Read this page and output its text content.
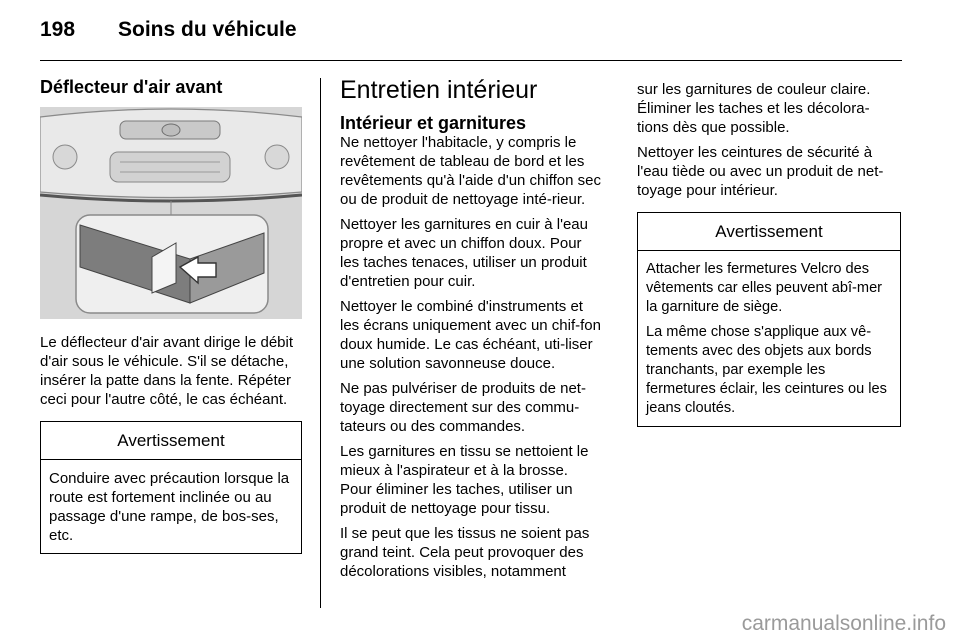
198 Soins du véhicule
Déflecteur d'air avant

Le déflecteur d'air avant dirige le débit d'air sous le véhicule. S'il se détache, insérer la patte dans la fente. Répéter ceci pour l'autre côté, le cas échéant.

Avertissement

Conduire avec précaution lorsque la route est fortement inclinée ou au passage d'une rampe, de bos-ses, etc.

Entretien intérieur
Intérieur et garnitures

Ne nettoyer l'habitacle, y compris le revêtement de tableau de bord et les revêtements qu'à l'aide d'un chiffon sec ou de produit de nettoyage inté-rieur.

Nettoyer les garnitures en cuir à l'eau propre et avec un chiffon doux. Pour les taches tenaces, utiliser un produit d'entretien pour cuir.

Nettoyer le combiné d'instruments et les écrans uniquement avec un chif-fon doux humide. Le cas échéant, uti-liser une solution savonneuse douce.

Ne pas pulvériser de produits de net-toyage directement sur des commu-tateurs ou des commandes.

Les garnitures en tissu se nettoient le mieux à l'aspirateur et à la brosse. Pour éliminer les taches, utiliser un produit de nettoyage pour tissu.

Il se peut que les tissus ne soient pas grand teint. Cela peut provoquer des décolorations visibles, notamment

sur les garnitures de couleur claire. Éliminer les taches et les décolora-tions dès que possible.

Nettoyer les ceintures de sécurité à l'eau tiède ou avec un produit de net-toyage pour intérieur.

Avertissement

Attacher les fermetures Velcro des vêtements car elles peuvent abî-mer la garniture de siège.

La même chose s'applique aux vê-tements avec des objets aux bords tranchants, par exemple les fermetures éclair, les ceintures ou les jeans cloutés.

carmanualsonline.info
